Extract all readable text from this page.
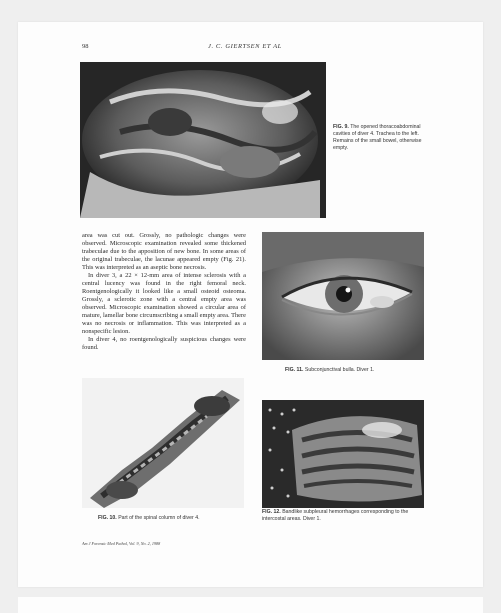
98	J. C. GIERTSEN ET AL
FIG. 9. The opened thoracoabdominal cavities of diver 4. Trachea to the left. Remains of the small bowel, otherwise empty.

area was cut out. Grossly, no pathologic changes were observed. Microscopic examination revealed some thickened trabeculae due to the apposition of new bone. In some areas of the original trabeculae, the lacunae appeared empty (Fig. 21). This was interpreted as an aseptic bone necrosis.

In diver 3, a 22 × 12-mm area of intense sclerosis with a central lucency was found in the right femoral neck. Roentgenologically it looked like a small osteoid osteoma. Grossly, a sclerotic zone with a central empty area was observed. Microscopic examination showed a circular area of mature, lamellar bone circumscribing a small empty area. There was no necrosis or inflammation. This was interpreted as a nonspecific lesion.

In diver 4, no roentgenologically suspicious changes were found.

FIG. 11. Subconjunctival bulla. Diver 1.
FIG. 10. Part of the spinal column of diver 4.
FIG. 12. Bandlike subpleural hemorrhages corresponding to the intercostal areas. Diver 1.
Am J Forensic Med Pathol, Vol. 9, No. 2, 1988
